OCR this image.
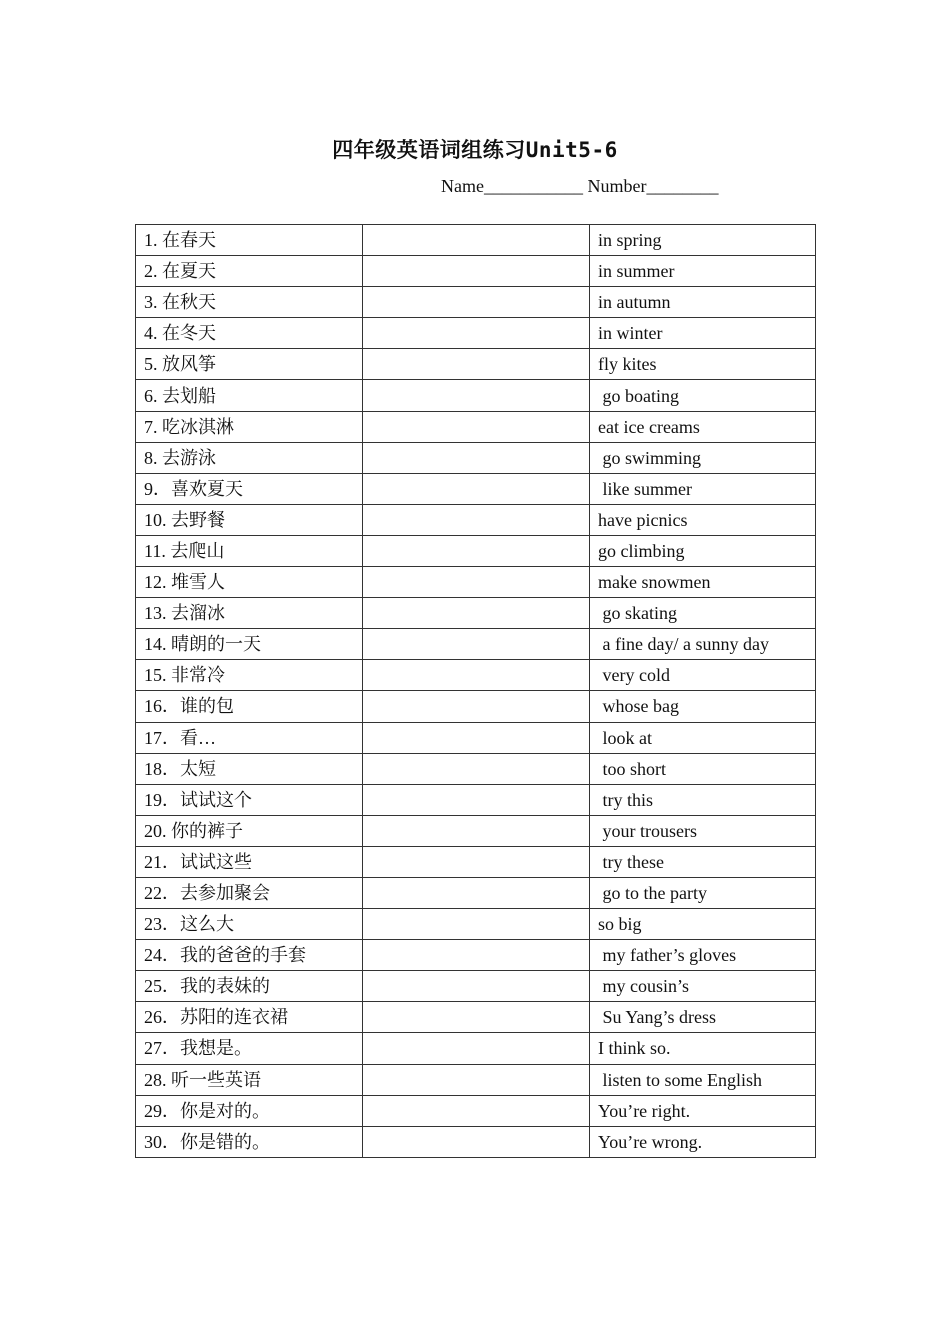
四年级英语词组练习Unit5-6
Name___________ Number________
1. 在春天		in spring
2. 在夏天		in summer
3. 在秋天		in autumn
4. 在冬天		in winter
5. 放风筝		fly kites
6. 去划船		go boating
7. 吃冰淇淋		eat ice creams
8. 去游泳		go swimming
9．喜欢夏天		like summer
10. 去野餐		have picnics
11. 去爬山		go climbing
12. 堆雪人		make snowmen
13. 去溜冰		go skating
14. 晴朗的一天		a fine day/ a sunny day
15. 非常冷		very cold
16．谁的包		whose bag
17．看…		look at
18．太短		too short
19．试试这个		try this
20. 你的裤子		your trousers
21．试试这些		try these
22．去参加聚会		go to the party
23．这么大		so big
24．我的爸爸的手套		my father’s gloves
25．我的表妹的		my cousin’s
26．苏阳的连衣裙		Su Yang’s dress
27．我想是。		I think so.
28. 听一些英语		listen to some English
29．你是对的。		You’re right.
30．你是错的。		You’re wrong.
